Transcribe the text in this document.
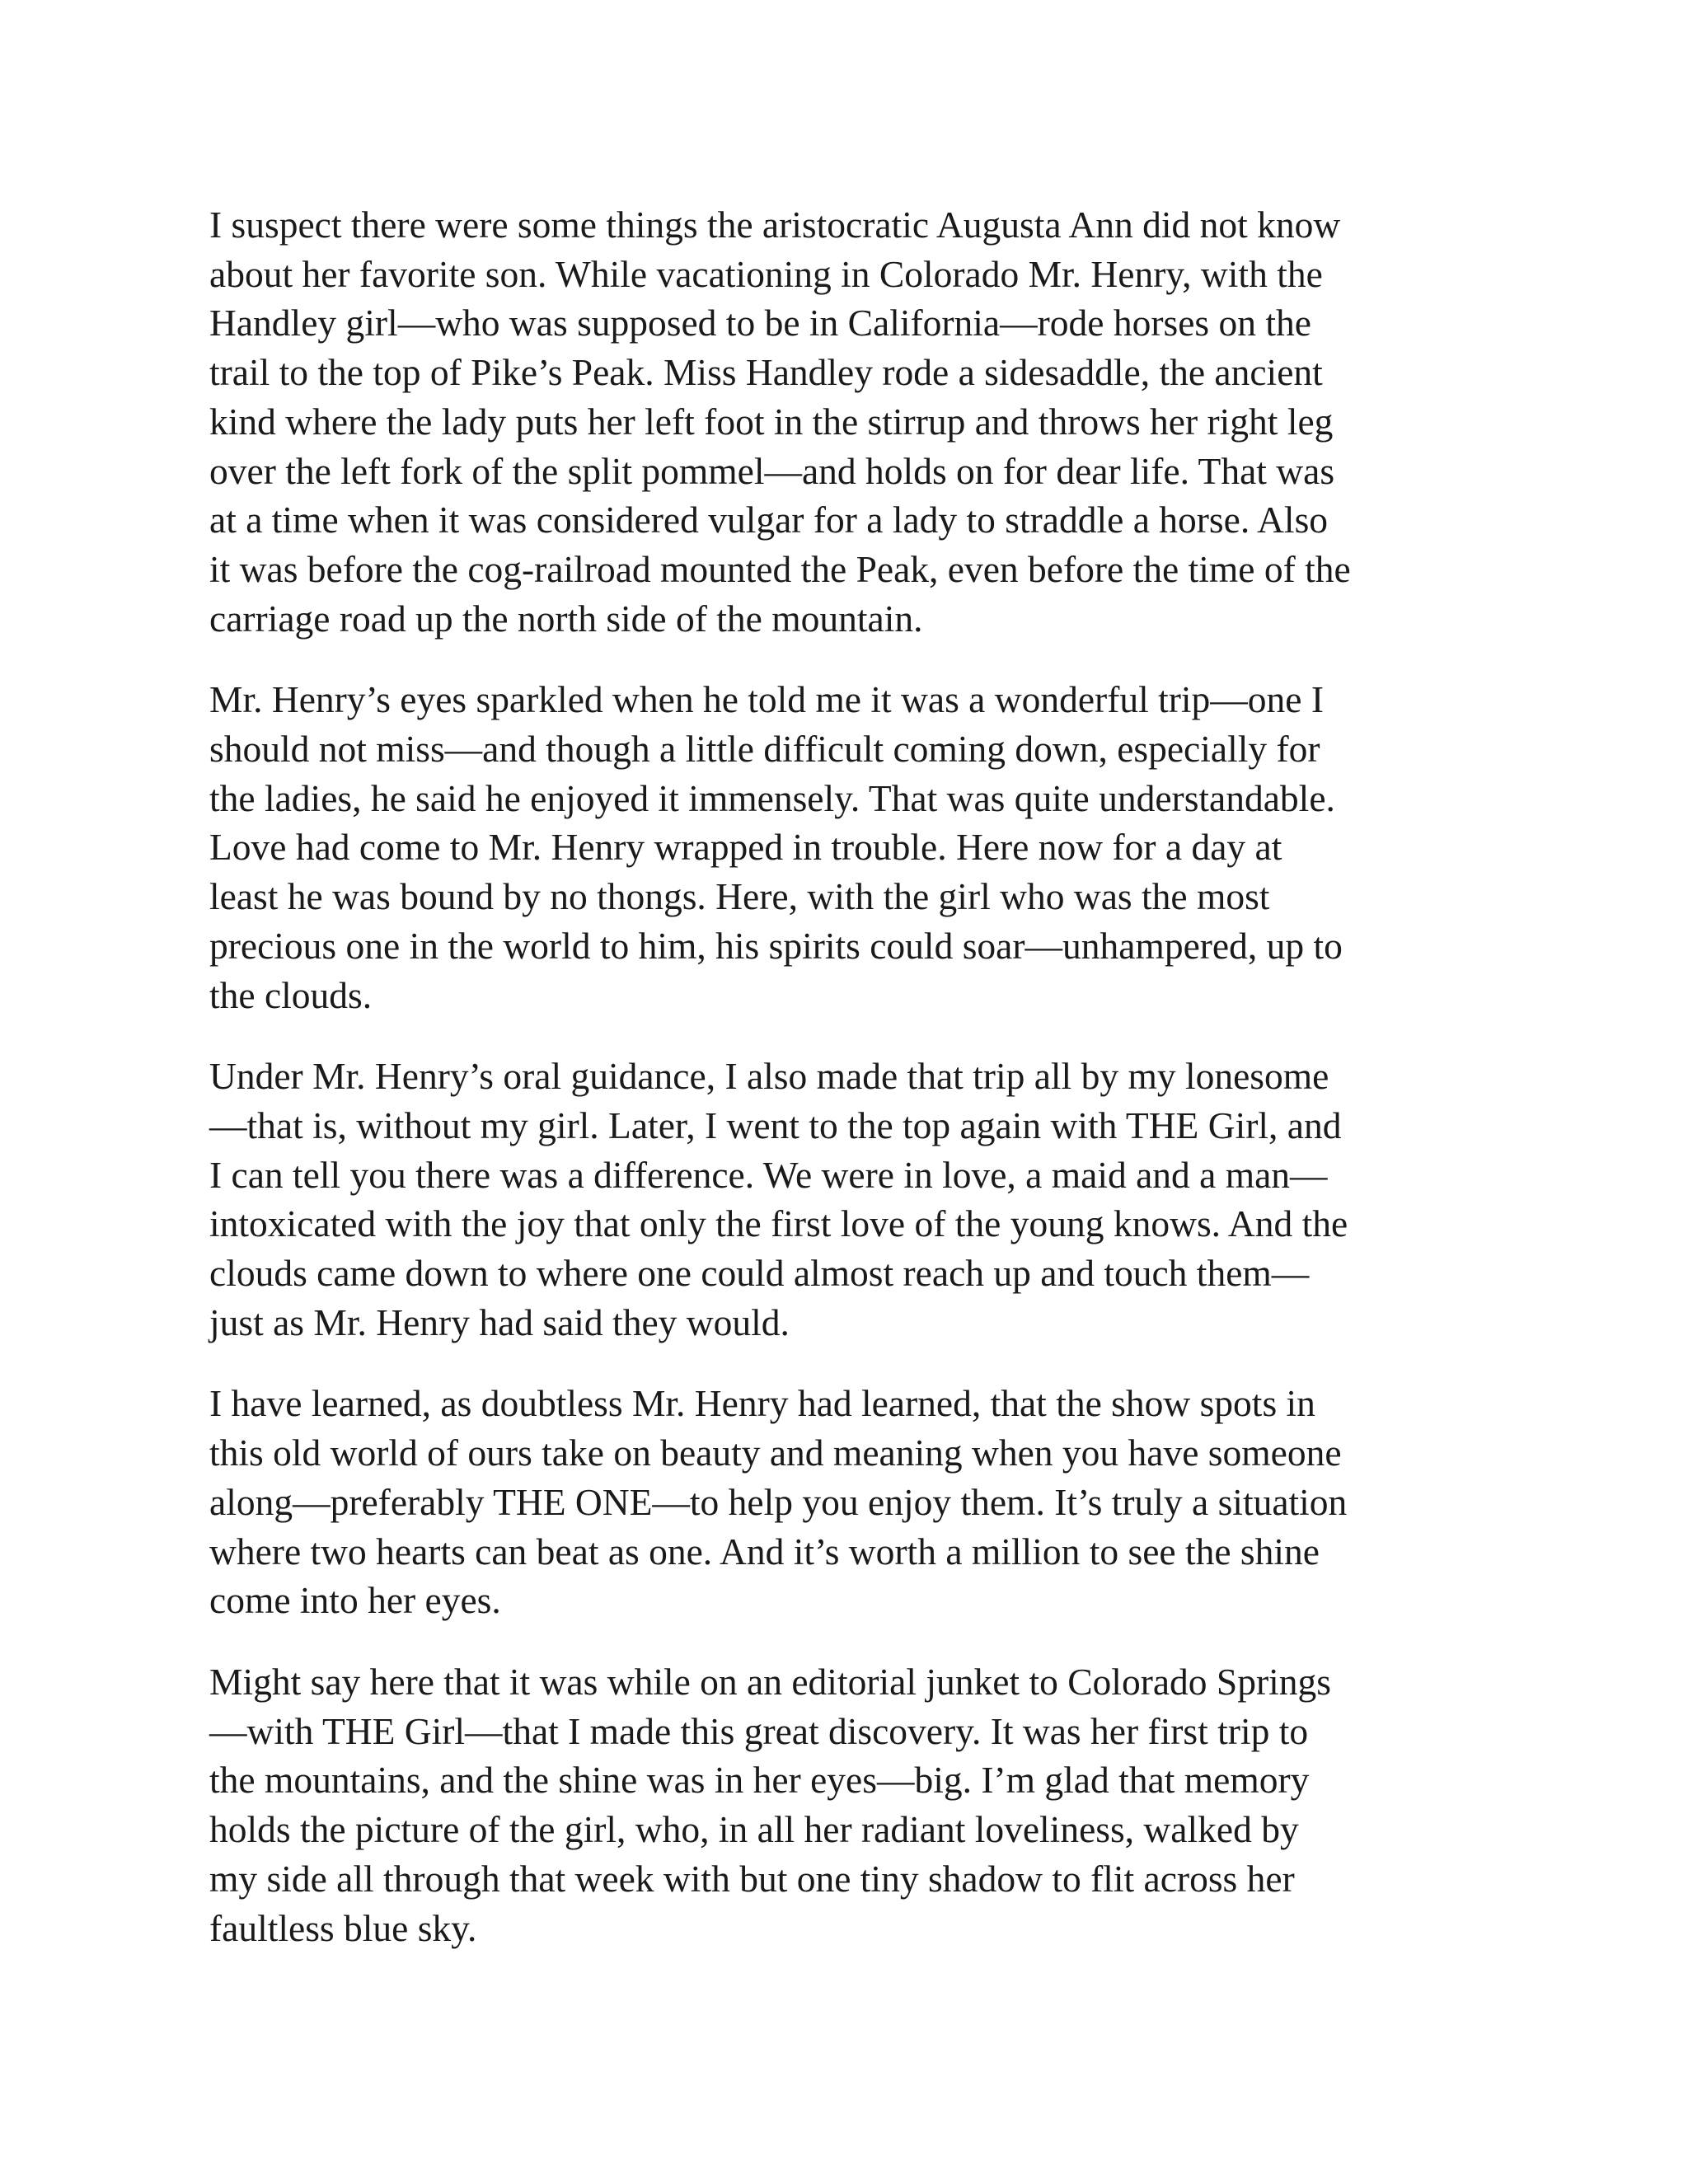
I suspect there were some things the aristocratic Augusta Ann did not know
about her favorite son. While vacationing in Colorado Mr. Henry, with the
Handley girl—who was supposed to be in California—rode horses on the
trail to the top of Pike’s Peak. Miss Handley rode a sidesaddle, the ancient
kind where the lady puts her left foot in the stirrup and throws her right leg
over the left fork of the split pommel—and holds on for dear life. That was
at a time when it was considered vulgar for a lady to straddle a horse. Also
it was before the cog-railroad mounted the Peak, even before the time of the
carriage road up the north side of the mountain.

Mr. Henry’s eyes sparkled when he told me it was a wonderful trip—one I
should not miss—and though a little difficult coming down, especially for
the ladies, he said he enjoyed it immensely. That was quite understandable.
Love had come to Mr. Henry wrapped in trouble. Here now for a day at
least he was bound by no thongs. Here, with the girl who was the most
precious one in the world to him, his spirits could soar—unhampered, up to
the clouds.

Under Mr. Henry’s oral guidance, I also made that trip all by my lonesome
—that is, without my girl. Later, I went to the top again with THE Girl, and
I can tell you there was a difference. We were in love, a maid and a man—
intoxicated with the joy that only the first love of the young knows. And the
clouds came down to where one could almost reach up and touch them—
just as Mr. Henry had said they would.

I have learned, as doubtless Mr. Henry had learned, that the show spots in
this old world of ours take on beauty and meaning when you have someone
along—preferably THE ONE—to help you enjoy them. It’s truly a situation
where two hearts can beat as one. And it’s worth a million to see the shine
come into her eyes.

Might say here that it was while on an editorial junket to Colorado Springs
—with THE Girl—that I made this great discovery. It was her first trip to
the mountains, and the shine was in her eyes—big. I’m glad that memory
holds the picture of the girl, who, in all her radiant loveliness, walked by
my side all through that week with but one tiny shadow to flit across her
faultless blue sky.
